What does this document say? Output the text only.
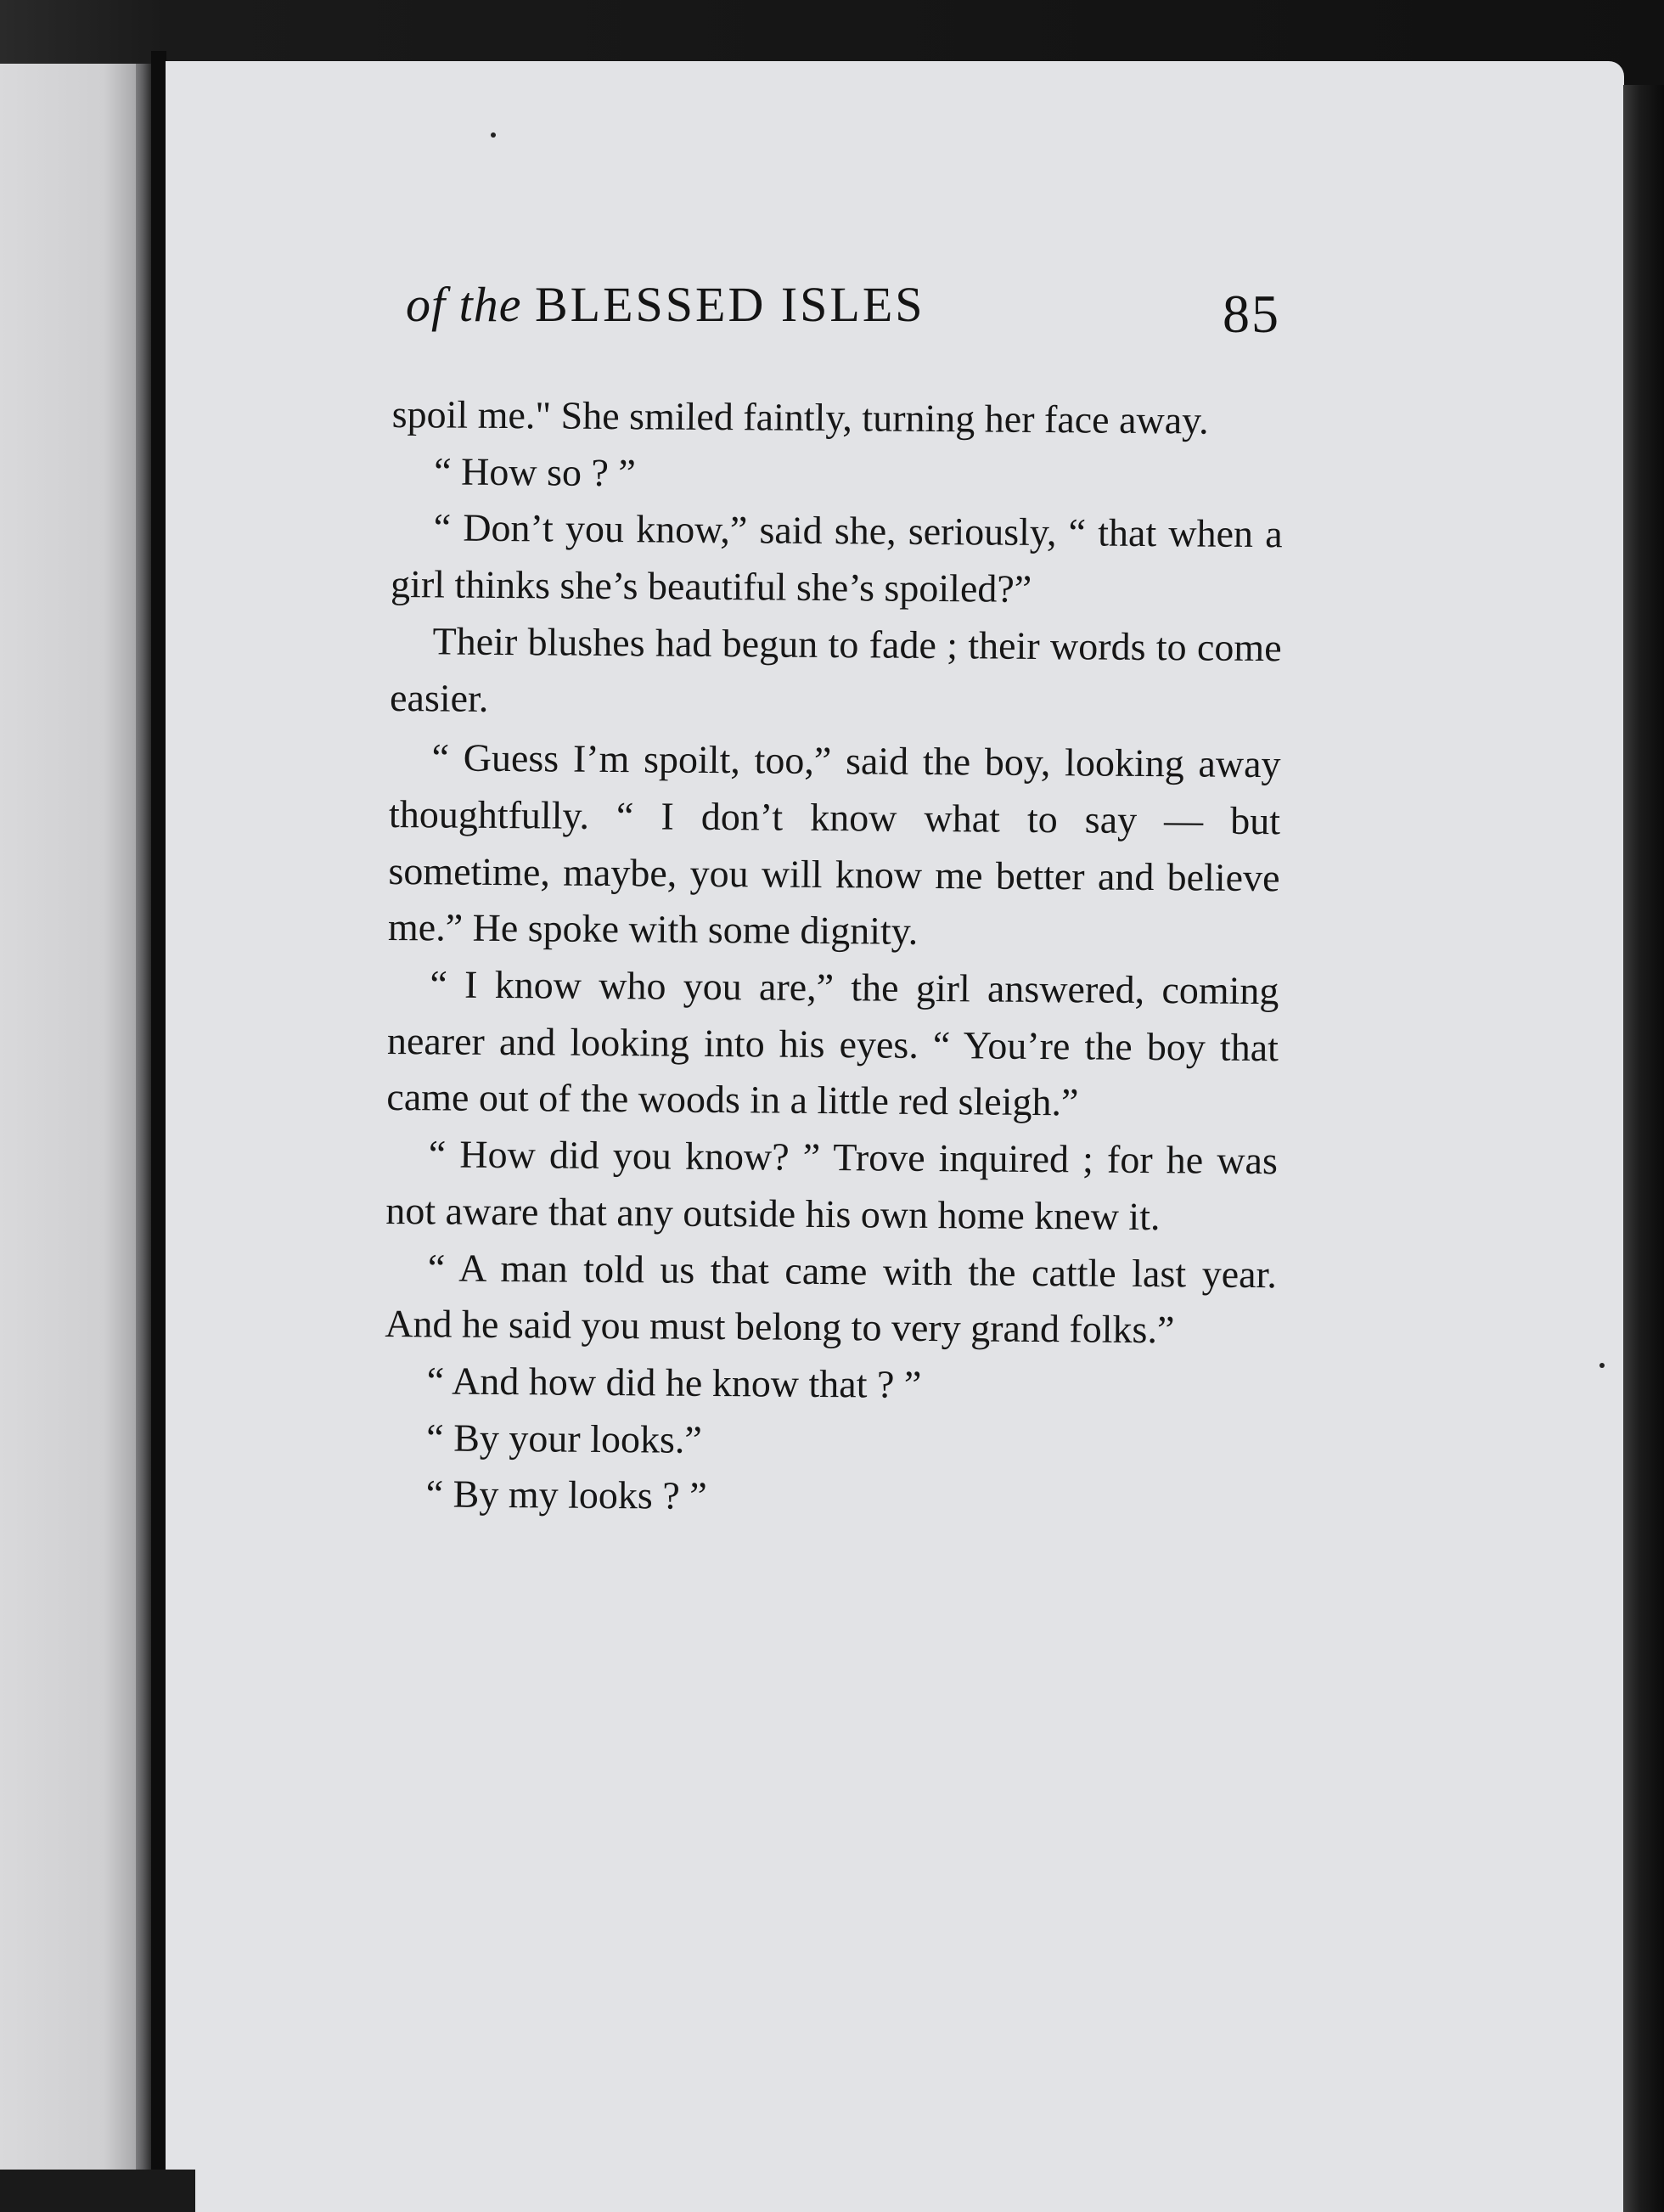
of the BLESSED ISLES	85

spoil me." She smiled faintly, turning her face away.

“ How so ? ”

“ Don’t you know,” said she, seriously, “ that when a girl thinks she’s beautiful she’s spoiled?”

Their blushes had begun to fade ; their words to come easier.

“ Guess I’m spoilt, too,” said the boy, looking away thoughtfully. “ I don’t know what to say — but sometime, maybe, you will know me better and believe me.” He spoke with some dignity.

“ I know who you are,” the girl answered, coming nearer and looking into his eyes. “ You’re the boy that came out of the woods in a little red sleigh.”

“ How did you know? ” Trove inquired ; for he was not aware that any outside his own home knew it.

“ A man told us that came with the cattle last year. And he said you must belong to very grand folks.”

“ And how did he know that ? ”

“ By your looks.”

“ By my looks ? ”
